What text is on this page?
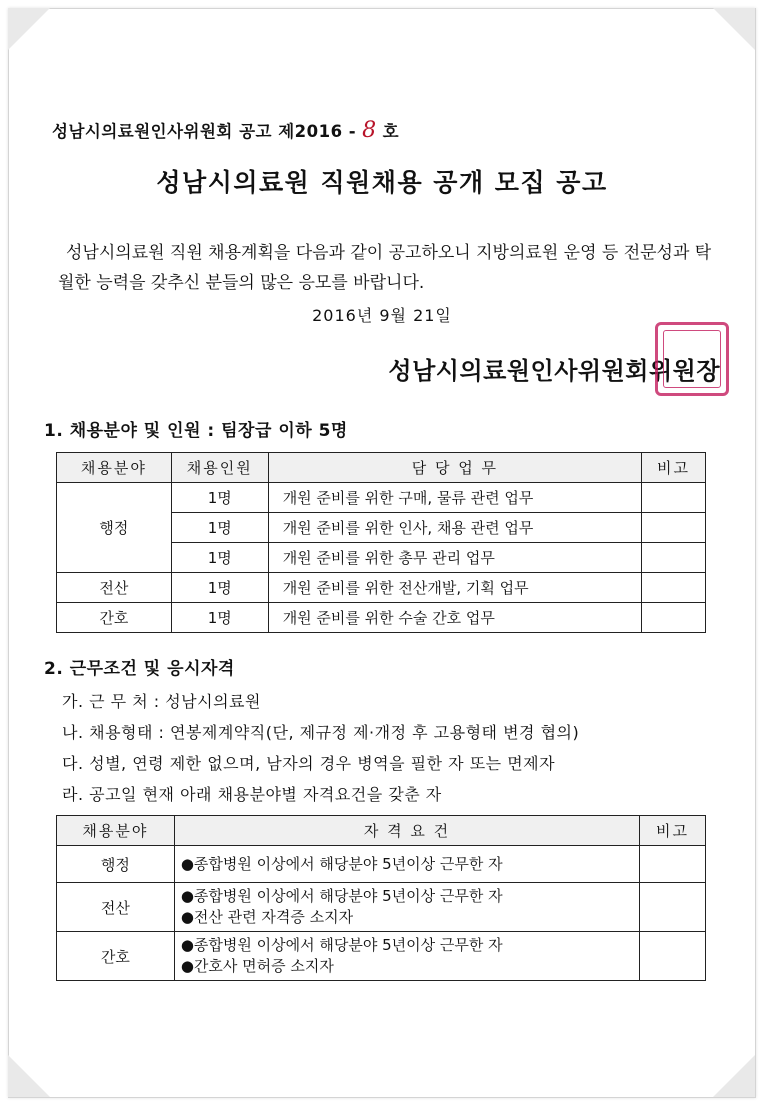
성남시의료원인사위원회 공고 제2016 - 8 호
성남시의료원 직원채용 공개 모집 공고
성남시의료원 직원 채용계획을 다음과 같이 공고하오니 지방의료원 운영 등 전문성과 탁월한 능력을 갖추신 분들의 많은 응모를 바랍니다.
2016년 9월 21일
성남시의료원인사위원회위원장
1. 채용분야 및 인원 : 팀장급 이하 5명
채용분야	채용인원	담 당 업 무	비고
행정	1명	개원 준비를 위한 구매, 물류 관련 업무	
	1명	개원 준비를 위한 인사, 채용 관련 업무	
	1명	개원 준비를 위한 총무 관리 업무	
전산	1명	개원 준비를 위한 전산개발, 기획 업무	
간호	1명	개원 준비를 위한 수술 간호 업무	
2. 근무조건 및 응시자격
가. 근 무 처 : 성남시의료원
나. 채용형태 : 연봉제계약직(단, 제규정 제·개정 후 고용형태 변경 협의)
다. 성별, 연령 제한 없으며, 남자의 경우 병역을 필한 자 또는 면제자
라. 공고일 현재 아래 채용분야별 자격요건을 갖춘 자
채용분야	자 격 요 건	비고
행정	●종합병원 이상에서 해당분야 5년이상 근무한 자	

전산	●종합병원 이상에서 해당분야 5년이상 근무한 자
●전산 관련 자격증 소지자	

간호	●종합병원 이상에서 해당분야 5년이상 근무한 자
●간호사 면허증 소지자	
